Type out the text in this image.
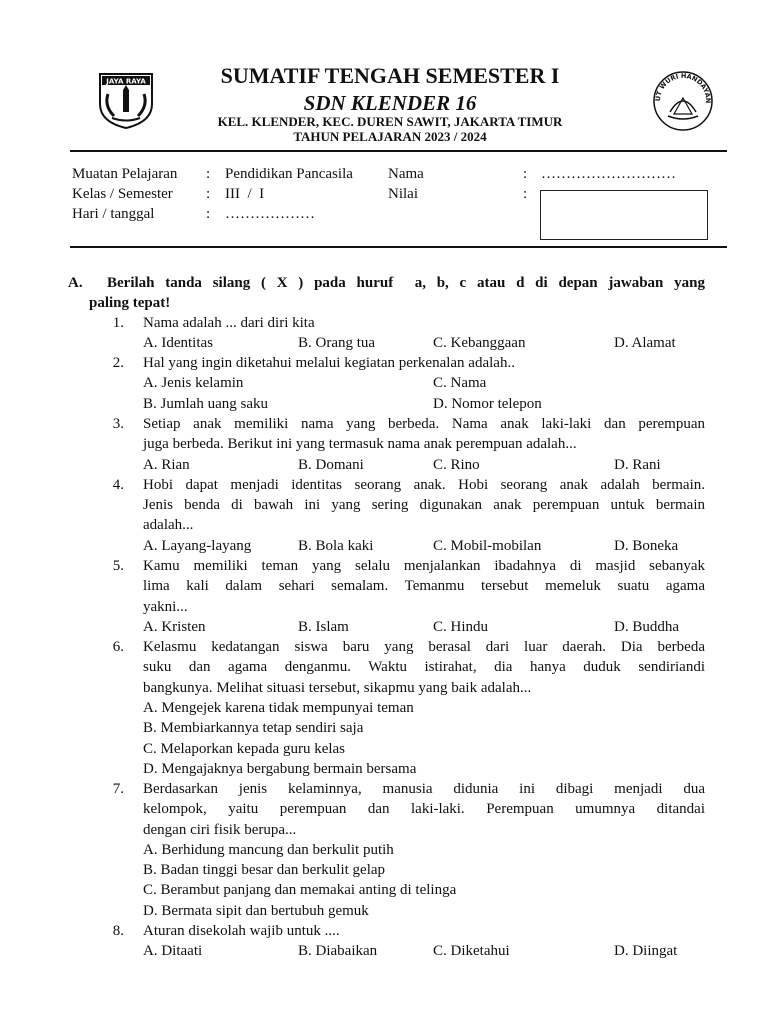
JAYA RAYA
UT WURI HANDAYAN
SUMATIF TENGAH SEMESTER I
SDN KLENDER 16
KEL. KLENDER, KEC. DUREN SAWIT, JAKARTA TIMUR
TAHUN PELAJARAN 2023 / 2024
Muatan Pelajaran : Pendidikan Pancasila Nama	: ………………………
Kelas / Semester : III  /  I	Nilai	:
Hari / tanggal	: ………………
A.	Berilah tanda silang ( X ) pada huruf  a, b, c atau d di depan jawaban yang
paling tepat!
1. Nama adalah ... dari diri kita
A. Identitas	B. Orang tua	C. Kebanggaan	D. Alamat
2. Hal yang ingin diketahui melalui kegiatan perkenalan adalah..
A. Jenis kelamin	C. Nama
B. Jumlah uang saku	D. Nomor telepon
3. Setiap anak memiliki nama yang berbeda. Nama anak laki-laki dan perempuan
juga berbeda. Berikut ini yang termasuk nama anak perempuan adalah...
A. Rian	B. Domani	C. Rino	D. Rani
4. Hobi dapat menjadi identitas seorang anak. Hobi seorang anak adalah bermain.
Jenis benda di bawah ini yang sering digunakan anak perempuan untuk bermain
adalah...
A. Layang-layang	B. Bola kaki	C. Mobil-mobilan	D. Boneka
5. Kamu memiliki teman yang selalu menjalankan ibadahnya di masjid sebanyak
lima kali dalam sehari semalam. Temanmu tersebut memeluk suatu agama
yakni...
A. Kristen	B. Islam	C. Hindu	D. Buddha
6. Kelasmu kedatangan siswa baru yang berasal dari luar daerah. Dia berbeda
suku dan agama denganmu. Waktu istirahat, dia hanya duduk sendiriandi
bangkunya. Melihat situasi tersebut, sikapmu yang baik adalah...
A. Mengejek karena tidak mempunyai teman
B. Membiarkannya tetap sendiri saja
C. Melaporkan kepada guru kelas
D. Mengajaknya bergabung bermain bersama
7. Berdasarkan jenis kelaminnya, manusia didunia ini dibagi menjadi dua
kelompok, yaitu perempuan dan laki-laki. Perempuan umumnya ditandai
dengan ciri fisik berupa...
A. Berhidung mancung dan berkulit putih
B. Badan tinggi besar dan berkulit gelap
C. Berambut panjang dan memakai anting di telinga
D. Bermata sipit dan bertubuh gemuk
8. Aturan disekolah wajib untuk ....
A. Ditaati	B. Diabaikan	C. Diketahui	D. Diingat
